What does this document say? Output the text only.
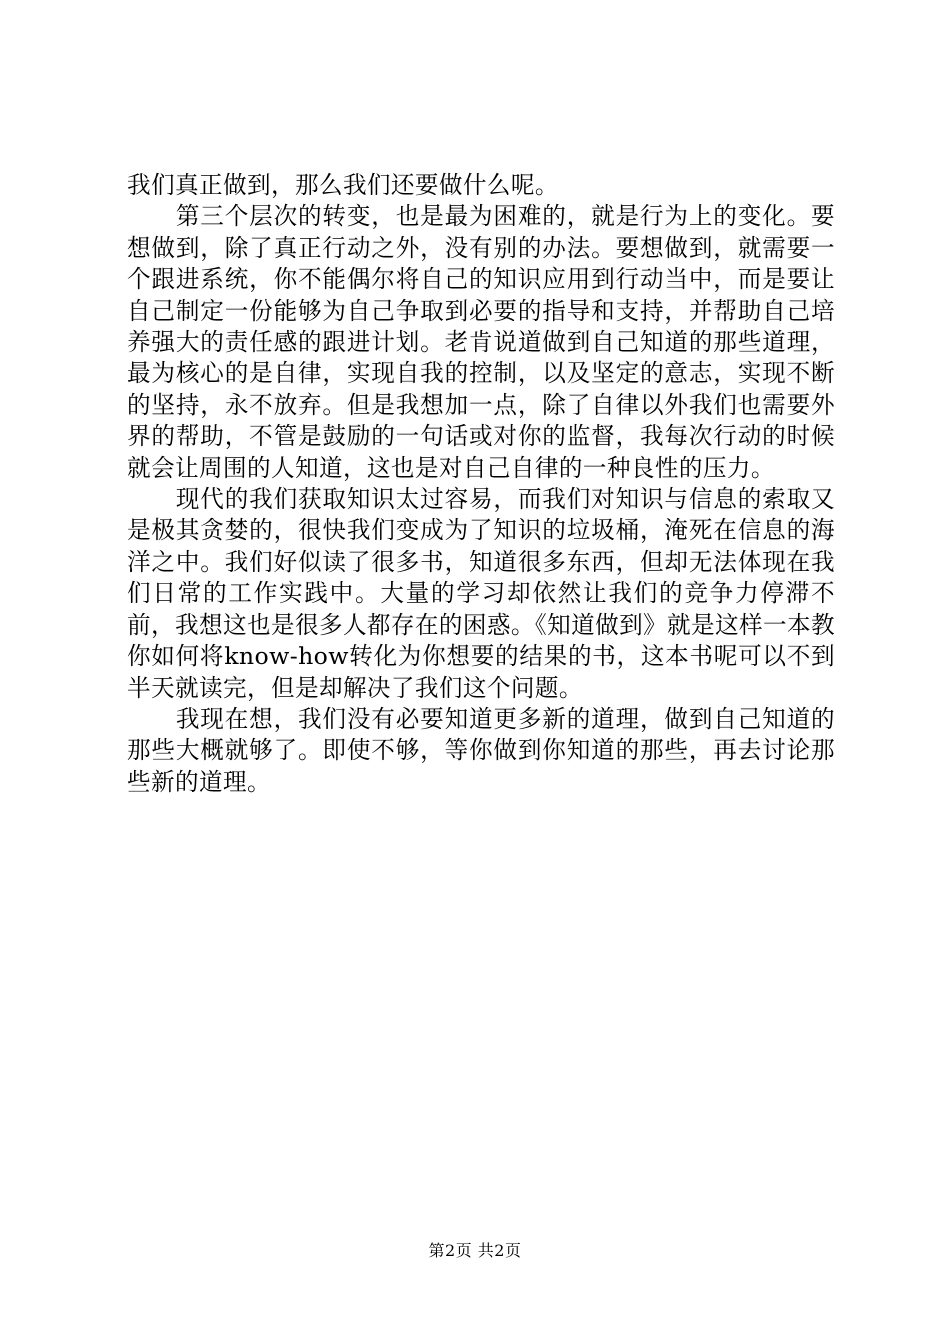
我们真正做到，那么我们还要做什么呢。

　　第三个层次的转变，也是最为困难的，就是行为上的变化。要想做到，除了真正行动之外，没有别的办法。要想做到，就需要一个跟进系统，你不能偶尔将自己的知识应用到行动当中，而是要让自己制定一份能够为自己争取到必要的指导和支持，并帮助自己培养强大的责任感的跟进计划。老肯说道做到自己知道的那些道理，最为核心的是自律，实现自我的控制，以及坚定的意志，实现不断的坚持，永不放弃。但是我想加一点，除了自律以外我们也需要外界的帮助，不管是鼓励的一句话或对你的监督，我每次行动的时候就会让周围的人知道，这也是对自己自律的一种良性的压力。

　　现代的我们获取知识太过容易，而我们对知识与信息的索取又是极其贪婪的，很快我们变成为了知识的垃圾桶，淹死在信息的海洋之中。我们好似读了很多书，知道很多东西，但却无法体现在我们日常的工作实践中。大量的学习却依然让我们的竞争力停滞不前，我想这也是很多人都存在的困惑。《知道做到》就是这样一本教你如何将know-how转化为你想要的结果的书，这本书呢可以不到半天就读完，但是却解决了我们这个问题。

　　我现在想，我们没有必要知道更多新的道理，做到自己知道的那些大概就够了。即使不够，等你做到你知道的那些，再去讨论那些新的道理。

第2页 共2页
